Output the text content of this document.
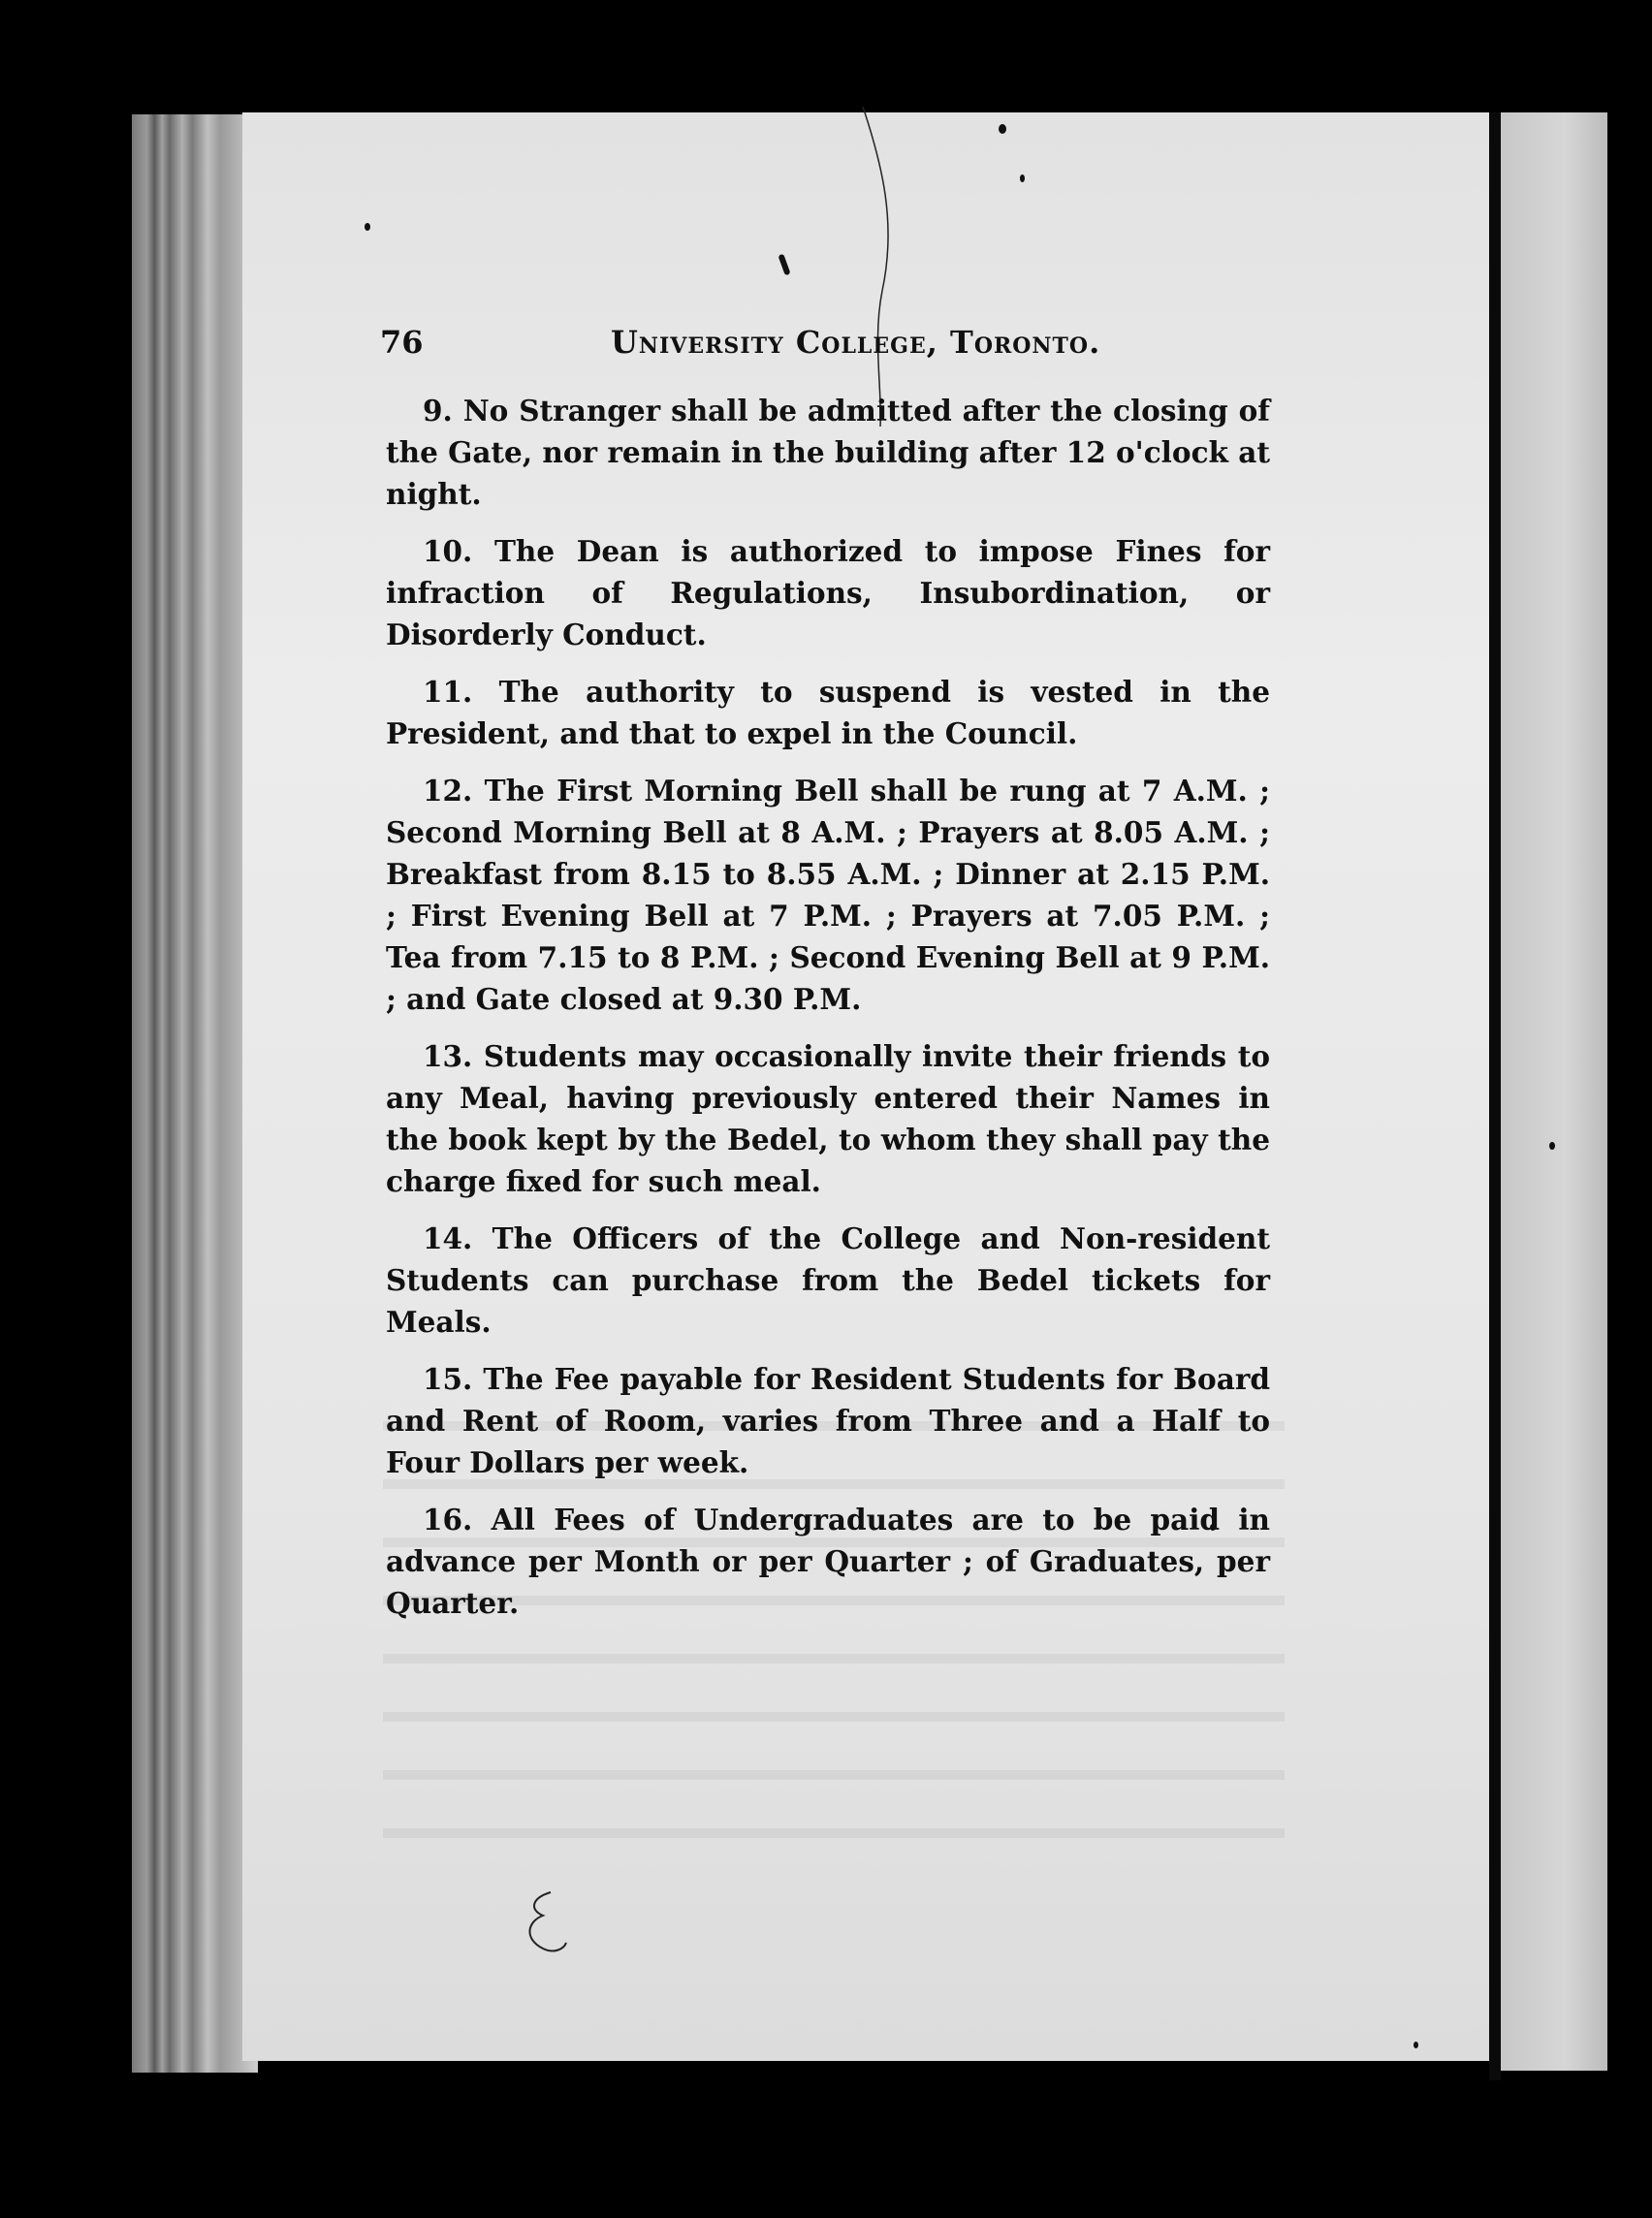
76	University College, Toronto.

9. No Stranger shall be admitted after the closing of the Gate, nor remain in the building after 12 o'clock at night.

10. The Dean is authorized to impose Fines for infraction of Regulations, Insubordination, or Disorderly Conduct.

11. The authority to suspend is vested in the President, and that to expel in the Council.

12. The First Morning Bell shall be rung at 7 A.M. ; Second Morning Bell at 8 A.M. ; Prayers at 8.05 A.M. ; Breakfast from 8.15 to 8.55 A.M. ; Dinner at 2.15 P.M. ; First Evening Bell at 7 P.M. ; Prayers at 7.05 P.M. ; Tea from 7.15 to 8 P.M. ; Second Evening Bell at 9 P.M. ; and Gate closed at 9.30 P.M.

13. Students may occasionally invite their friends to any Meal, having previously entered their Names in the book kept by the Bedel, to whom they shall pay the charge fixed for such meal.

14. The Officers of the College and Non-resident Students can purchase from the Bedel tickets for Meals.

15. The Fee payable for Resident Students for Board and Rent of Room, varies from Three and a Half to Four Dollars per week.

16. All Fees of Undergraduates are to be paid in advance per Month or per Quarter ; of Graduates, per Quarter.
